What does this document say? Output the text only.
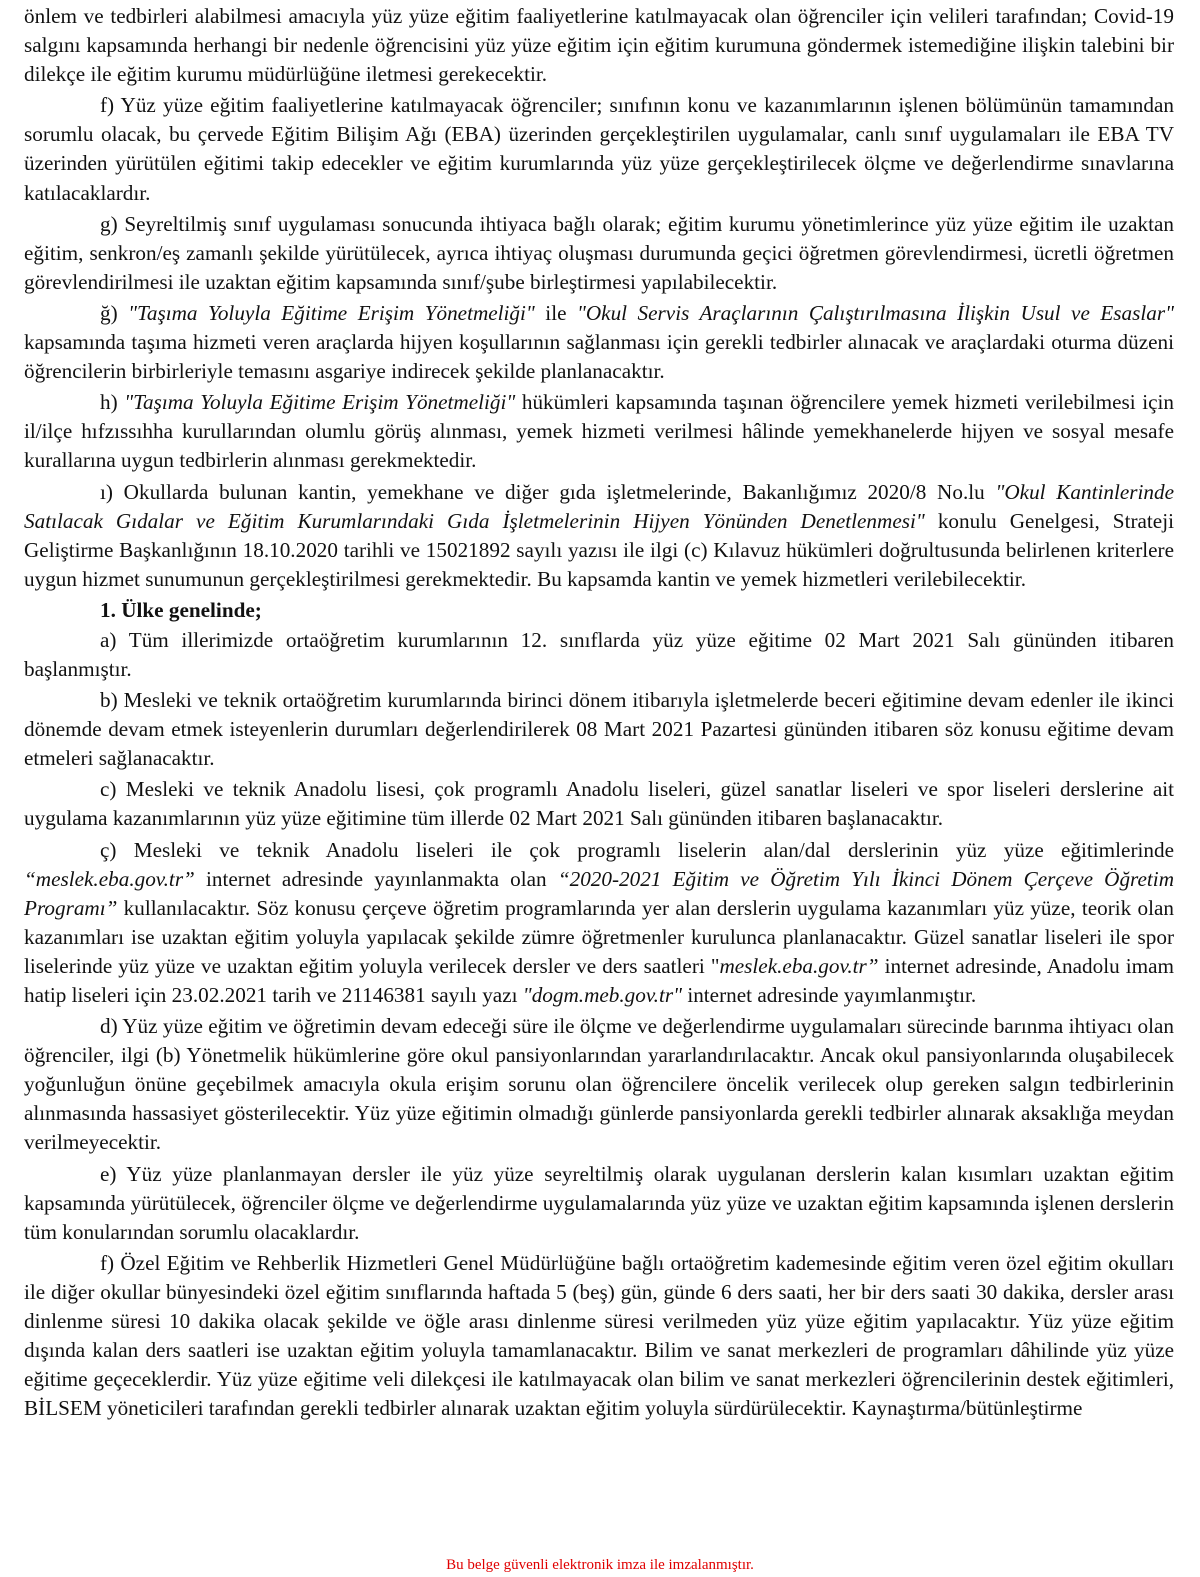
önlem ve tedbirleri alabilmesi amacıyla yüz yüze eğitim faaliyetlerine katılmayacak olan öğrenciler için velileri tarafından; Covid-19 salgını kapsamında herhangi bir nedenle öğrencisini yüz yüze eğitim için eğitim kurumuna göndermek istemediğine ilişkin talebini bir dilekçe ile eğitim kurumu müdürlüğüne iletmesi gerekecektir.

f) Yüz yüze eğitim faaliyetlerine katılmayacak öğrenciler; sınıfının konu ve kazanımlarının işlenen bölümünün tamamından sorumlu olacak, bu çervede Eğitim Bilişim Ağı (EBA) üzerinden gerçekleştirilen uygulamalar, canlı sınıf uygulamaları ile EBA TV üzerinden yürütülen eğitimi takip edecekler ve eğitim kurumlarında yüz yüze gerçekleştirilecek ölçme ve değerlendirme sınavlarına katılacaklardır.

g) Seyreltilmiş sınıf uygulaması sonucunda ihtiyaca bağlı olarak; eğitim kurumu yönetimlerince yüz yüze eğitim ile uzaktan eğitim, senkron/eş zamanlı şekilde yürütülecek, ayrıca ihtiyaç oluşması durumunda geçici öğretmen görevlendirmesi, ücretli öğretmen görevlendirilmesi ile uzaktan eğitim kapsamında sınıf/şube birleştirmesi yapılabilecektir.

ğ) "Taşıma Yoluyla Eğitime Erişim Yönetmeliği" ile "Okul Servis Araçlarının Çalıştırılmasına İlişkin Usul ve Esaslar" kapsamında taşıma hizmeti veren araçlarda hijyen koşullarının sağlanması için gerekli tedbirler alınacak ve araçlardaki oturma düzeni öğrencilerin birbirleriyle temasını asgariye indirecek şekilde planlanacaktır.

h) "Taşıma Yoluyla Eğitime Erişim Yönetmeliği" hükümleri kapsamında taşınan öğrencilere yemek hizmeti verilebilmesi için il/ilçe hıfzıssıhha kurullarından olumlu görüş alınması, yemek hizmeti verilmesi hâlinde yemekhanelerde hijyen ve sosyal mesafe kurallarına uygun tedbirlerin alınması gerekmektedir.

ı) Okullarda bulunan kantin, yemekhane ve diğer gıda işletmelerinde, Bakanlığımız 2020/8 No.lu "Okul Kantinlerinde Satılacak Gıdalar ve Eğitim Kurumlarındaki Gıda İşletmelerinin Hijyen Yönünden Denetlenmesi" konulu Genelgesi, Strateji Geliştirme Başkanlığının 18.10.2020 tarihli ve 15021892 sayılı yazısı ile ilgi (c) Kılavuz hükümleri doğrultusunda belirlenen kriterlere uygun hizmet sunumunun gerçekleştirilmesi gerekmektedir. Bu kapsamda kantin ve yemek hizmetleri verilebilecektir.

1. Ülke genelinde;

a) Tüm illerimizde ortaöğretim kurumlarının 12. sınıflarda yüz yüze eğitime 02 Mart 2021 Salı gününden itibaren başlanmıştır.

b) Mesleki ve teknik ortaöğretim kurumlarında birinci dönem itibarıyla işletmelerde beceri eğitimine devam edenler ile ikinci dönemde devam etmek isteyenlerin durumları değerlendirilerek 08 Mart 2021 Pazartesi gününden itibaren söz konusu eğitime devam etmeleri sağlanacaktır.

c) Mesleki ve teknik Anadolu lisesi, çok programlı Anadolu liseleri, güzel sanatlar liseleri ve spor liseleri derslerine ait uygulama kazanımlarının yüz yüze eğitimine tüm illerde 02 Mart 2021 Salı gününden itibaren başlanacaktır.

ç) Mesleki ve teknik Anadolu liseleri ile çok programlı liselerin alan/dal derslerinin yüz yüze eğitimlerinde “meslek.eba.gov.tr” internet adresinde yayınlanmakta olan “2020-2021 Eğitim ve Öğretim Yılı İkinci Dönem Çerçeve Öğretim Programı” kullanılacaktır. Söz konusu çerçeve öğretim programlarında yer alan derslerin uygulama kazanımları yüz yüze, teorik olan kazanımları ise uzaktan eğitim yoluyla yapılacak şekilde zümre öğretmenler kurulunca planlanacaktır. Güzel sanatlar liseleri ile spor liselerinde yüz yüze ve uzaktan eğitim yoluyla verilecek dersler ve ders saatleri "meslek.eba.gov.tr” internet adresinde, Anadolu imam hatip liseleri için 23.02.2021 tarih ve 21146381 sayılı yazı "dogm.meb.gov.tr" internet adresinde yayımlanmıştır.

d) Yüz yüze eğitim ve öğretimin devam edeceği süre ile ölçme ve değerlendirme uygulamaları sürecinde barınma ihtiyacı olan öğrenciler, ilgi (b) Yönetmelik hükümlerine göre okul pansiyonlarından yararlandırılacaktır. Ancak okul pansiyonlarında oluşabilecek yoğunluğun önüne geçebilmek amacıyla okula erişim sorunu olan öğrencilere öncelik verilecek olup gereken salgın tedbirlerinin alınmasında hassasiyet gösterilecektir. Yüz yüze eğitimin olmadığı günlerde pansiyonlarda gerekli tedbirler alınarak aksaklığa meydan verilmeyecektir.

e) Yüz yüze planlanmayan dersler ile yüz yüze seyreltilmiş olarak uygulanan derslerin kalan kısımları uzaktan eğitim kapsamında yürütülecek, öğrenciler ölçme ve değerlendirme uygulamalarında yüz yüze ve uzaktan eğitim kapsamında işlenen derslerin tüm konularından sorumlu olacaklardır.

f) Özel Eğitim ve Rehberlik Hizmetleri Genel Müdürlüğüne bağlı ortaöğretim kademesinde eğitim veren özel eğitim okulları ile diğer okullar bünyesindeki özel eğitim sınıflarında haftada 5 (beş) gün, günde 6 ders saati, her bir ders saati 30 dakika, dersler arası dinlenme süresi 10 dakika olacak şekilde ve öğle arası dinlenme süresi verilmeden yüz yüze eğitim yapılacaktır. Yüz yüze eğitim dışında kalan ders saatleri ise uzaktan eğitim yoluyla tamamlanacaktır. Bilim ve sanat merkezleri de programları dâhilinde yüz yüze eğitime geçeceklerdir. Yüz yüze eğitime veli dilekçesi ile katılmayacak olan bilim ve sanat merkezleri öğrencilerinin destek eğitimleri, BİLSEM yöneticileri tarafından gerekli tedbirler alınarak uzaktan eğitim yoluyla sürdürülecektir. Kaynaştırma/bütünleştirme

Bu belge güvenli elektronik imza ile imzalanmıştır.
